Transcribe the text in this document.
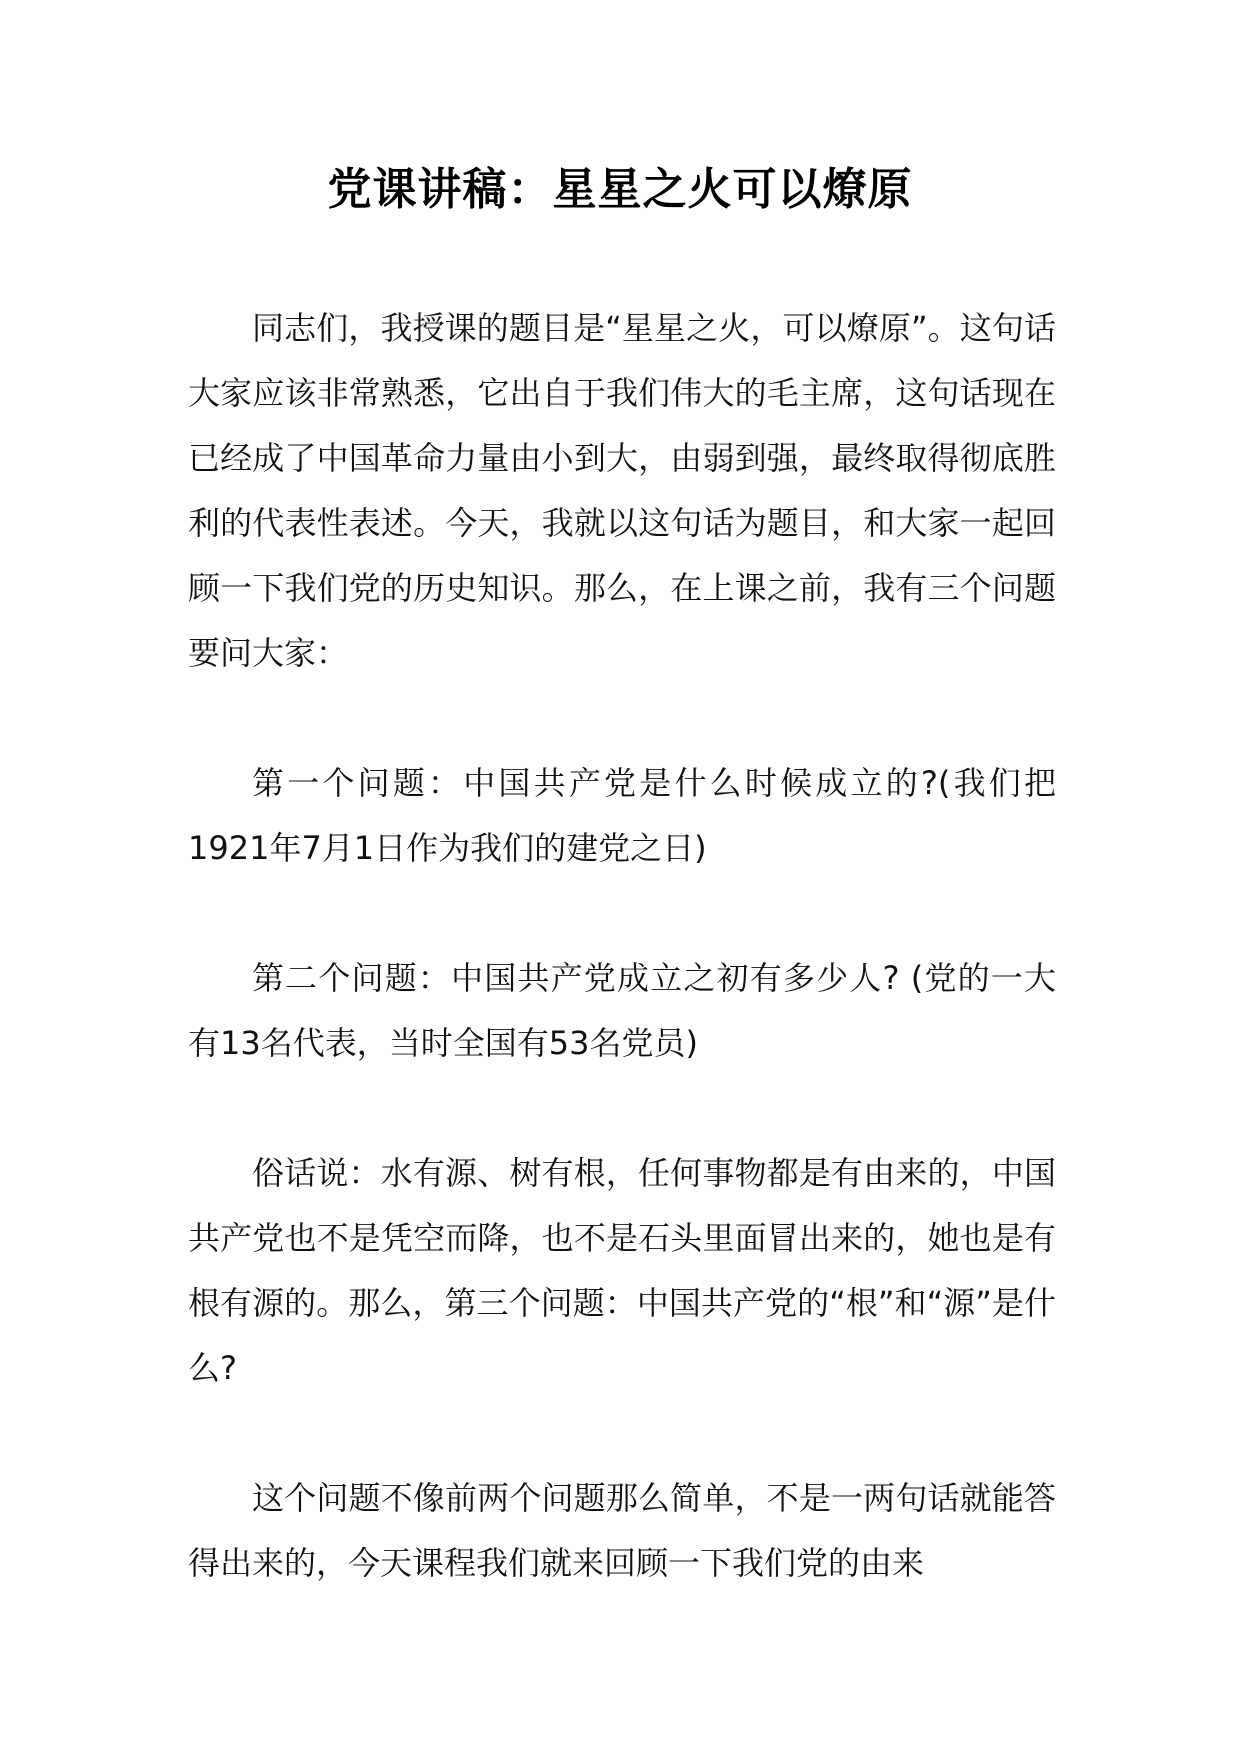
党课讲稿：星星之火可以燎原

同志们，我授课的题目是“星星之火，可以燎原”。这句话大家应该非常熟悉，它出自于我们伟大的毛主席，这句话现在已经成了中国革命力量由小到大，由弱到强，最终取得彻底胜利的代表性表述。今天，我就以这句话为题目，和大家一起回顾一下我们党的历史知识。那么，在上课之前，我有三个问题要问大家：

第一个问题：中国共产党是什么时候成立的?(我们把1921年7月1日作为我们的建党之日)

第二个问题：中国共产党成立之初有多少人? (党的一大有13名代表，当时全国有53名党员)

俗话说：水有源、树有根，任何事物都是有由来的，中国共产党也不是凭空而降，也不是石头里面冒出来的，她也是有根有源的。那么，第三个问题：中国共产党的“根”和“源”是什么?

这个问题不像前两个问题那么简单，不是一两句话就能答得出来的，今天课程我们就来回顾一下我们党的由来
